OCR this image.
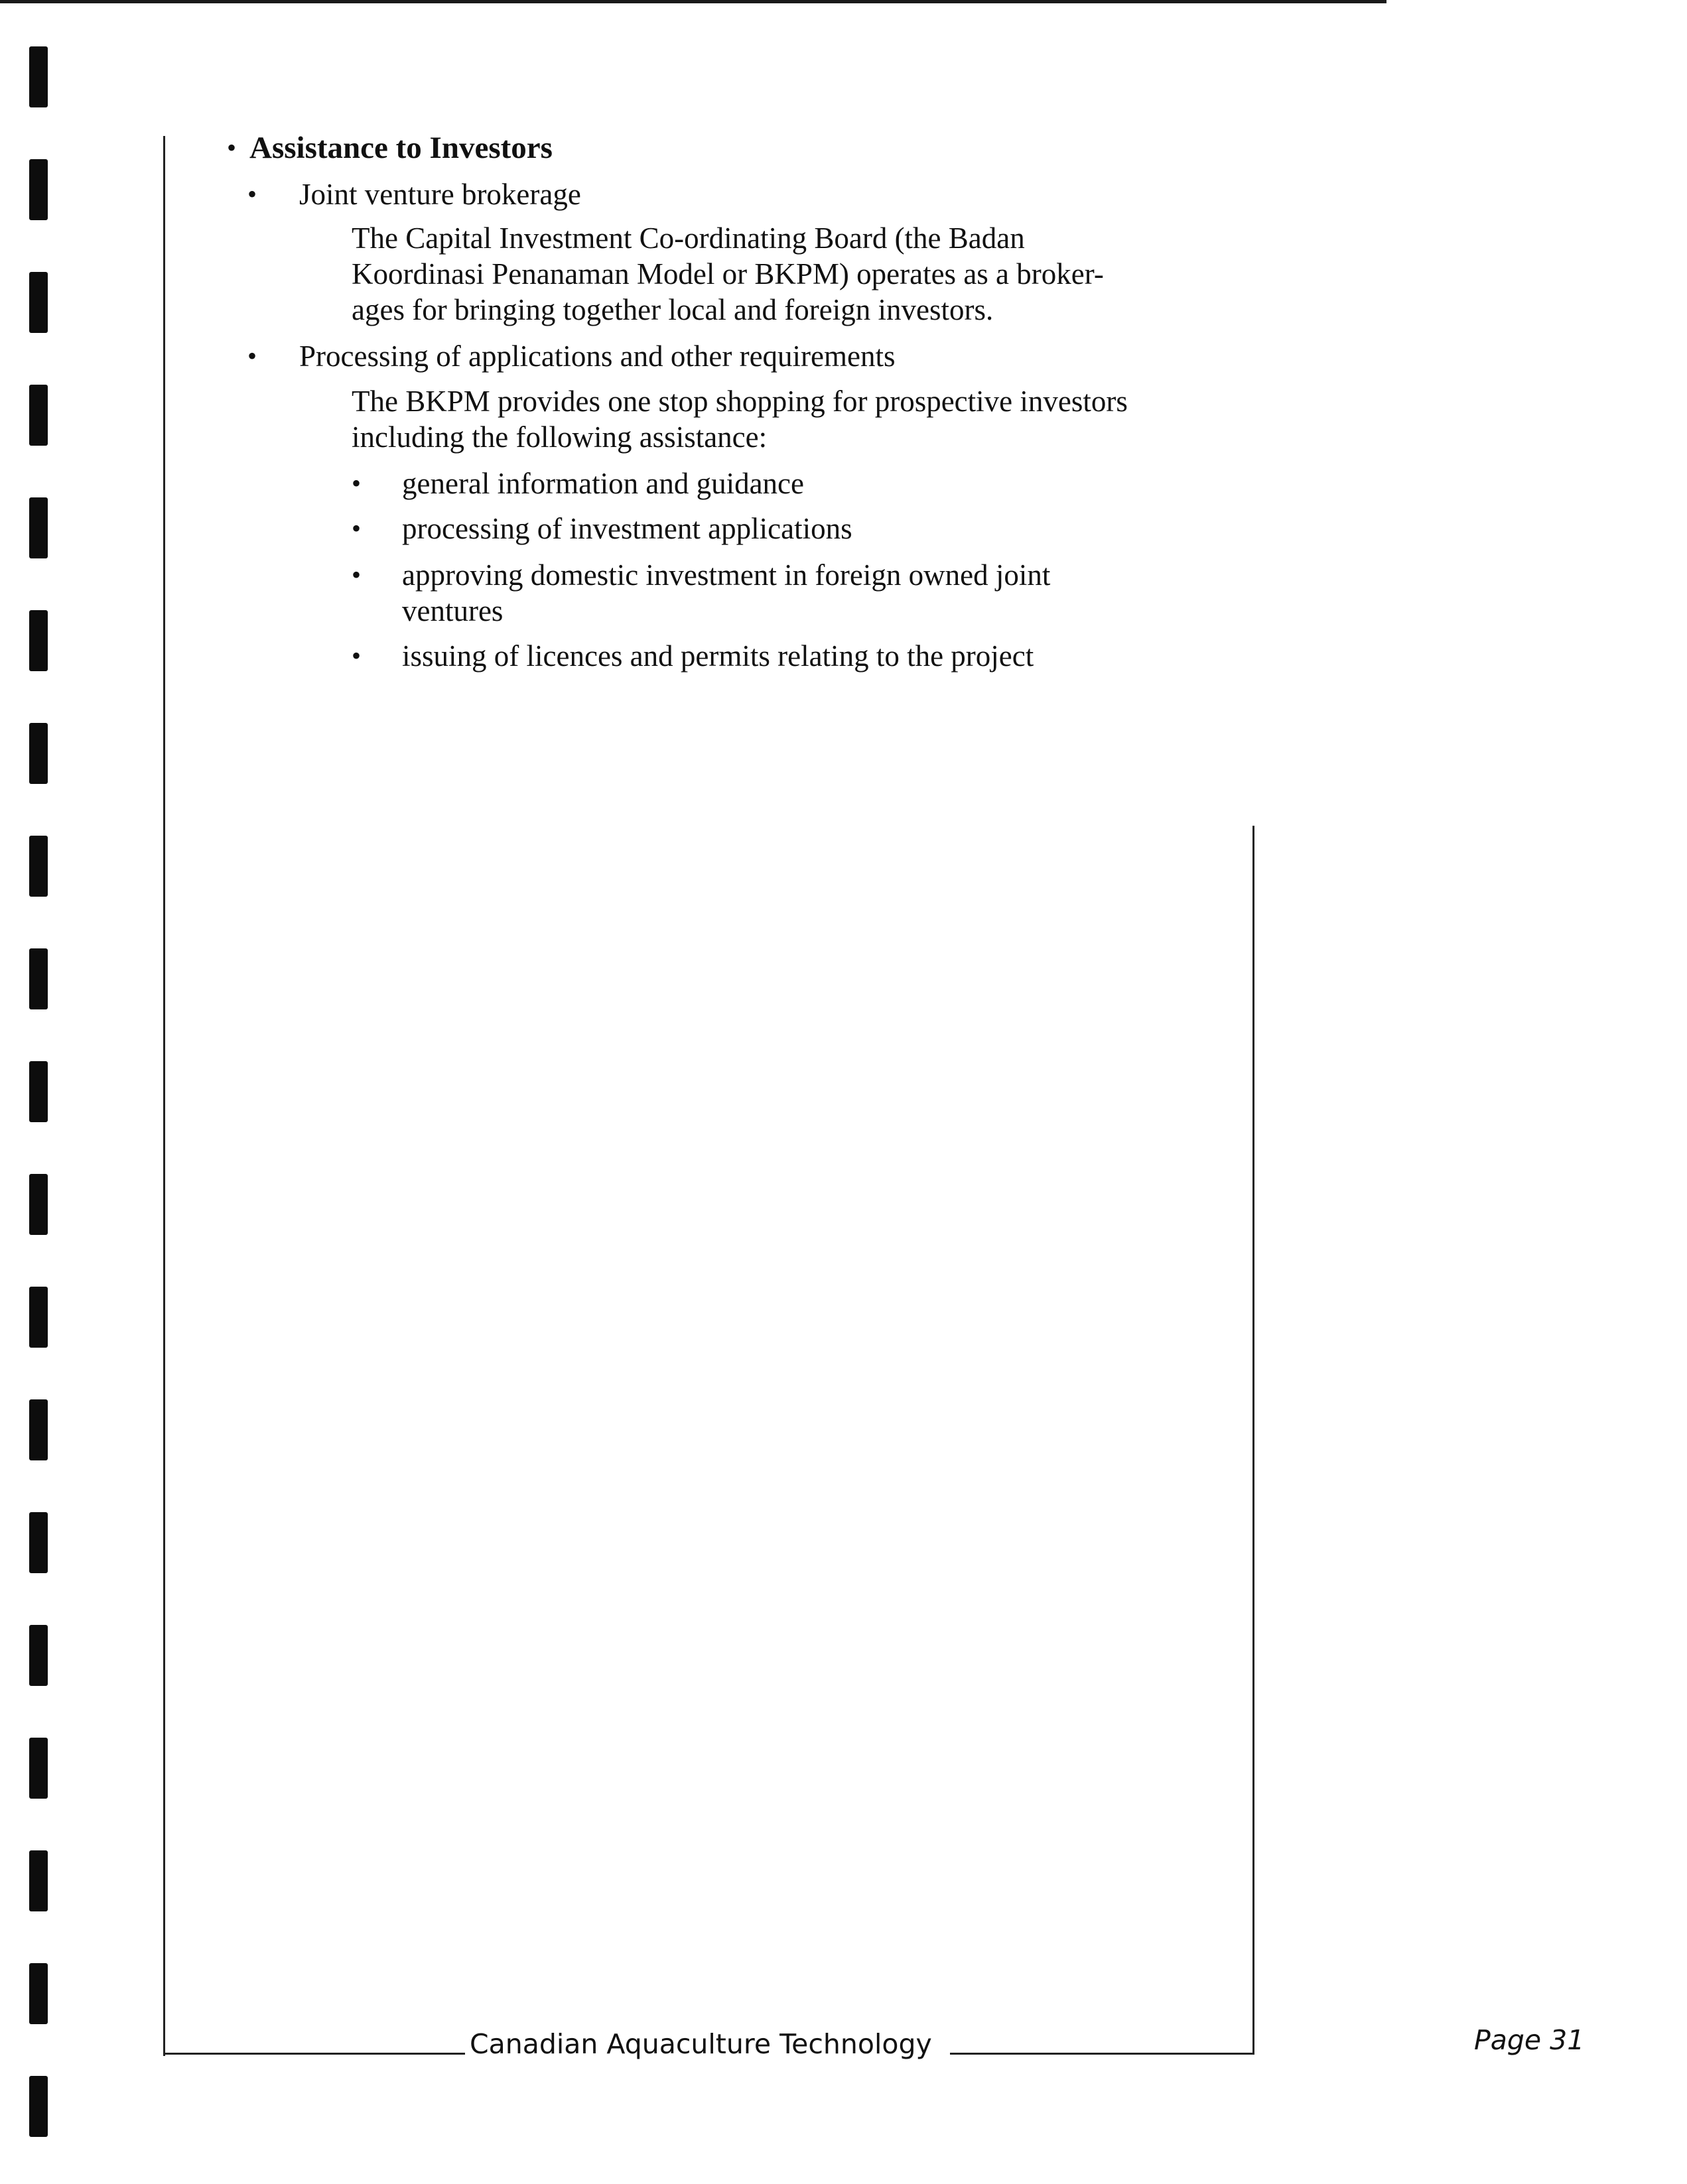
• Assistance to Investors
• Joint venture brokerage
The Capital Investment Co-ordinating Board (the Badan
Koordinasi Penanaman Model or BKPM) operates as a broker-
ages for bringing together local and foreign investors.
• Processing of applications and other requirements
The BKPM provides one stop shopping for prospective investors
including the following assistance:
• general information and guidance
• processing of investment applications
• approving domestic investment in foreign owned joint
ventures
• issuing of licences and permits relating to the project
Canadian Aquaculture Technology	Page 31
